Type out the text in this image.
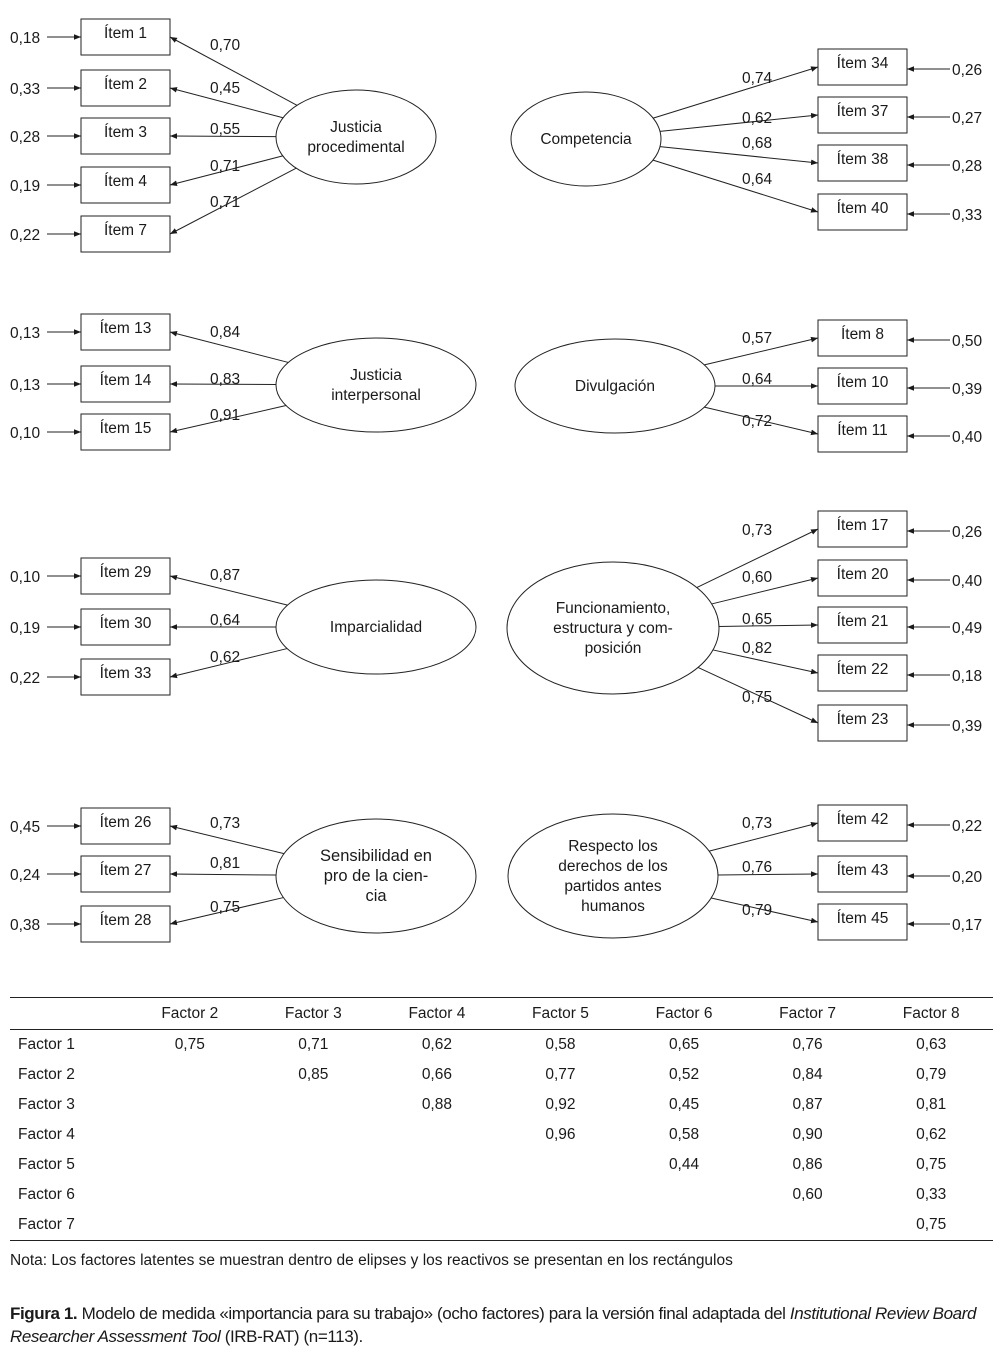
Justicia
procedimental
Ítem 1
0,70
0,18
Ítem 2	0,45
0,33
Ítem 3	0,55
0,28
Ítem 4
0,71
0,19
Ítem 7
0,71
0,22
Competencia
Ítem 34
0,74	0,26
Ítem 37
0,62	0,27
Ítem 38
0,68
0,28
Ítem 40
0,64
0,33
Justicia
interpersonal
Ítem 13	0,84
0,13
Ítem 14	0,83
0,13
Ítem 15
0,91
0,10
Divulgación
Ítem 8
0,57	0,50
Ítem 10
0,64
0,39
Ítem 11
0,72
0,40
Imparcialidad
Ítem 29	0,87
0,10
Ítem 30	0,64
0,19
Ítem 33
0,62
0,22
Funcionamiento,
estructura y com-
posición
Ítem 17
0,73	0,26
Ítem 20
0,60	0,40
Ítem 21
0,65
0,49
Ítem 22
0,82
0,18
Ítem 23
0,75
0,39
Sensibilidad en
pro de la cien-
cia
Ítem 26	0,73
0,45
Ítem 27	0,81
0,24
Ítem 28
0,75
0,38
Respecto los
derechos de los
partidos antes
humanos
Ítem 42
0,73	0,22
Ítem 43
0,76
0,20
Ítem 45
0,79
0,17
	Factor 2	Factor 3	Factor 4	Factor 5	Factor 6	Factor 7	Factor 8
Factor 1	0,75	0,71	0,62	0,58	0,65	0,76	0,63
Factor 2		0,85	0,66	0,77	0,52	0,84	0,79
Factor 3			0,88	0,92	0,45	0,87	0,81
Factor 4				0,96	0,58	0,90	0,62
Factor 5					0,44	0,86	0,75
Factor 6						0,60	0,33
Factor 7							0,75
Nota: Los factores latentes se muestran dentro de elipses y los reactivos se presentan en los rectángulos
Figura 1. Modelo de medida «importancia para su trabajo» (ocho factores) para la versión final adaptada del Institutional Review Board Researcher Assessment Tool (IRB-RAT) (n=113).
